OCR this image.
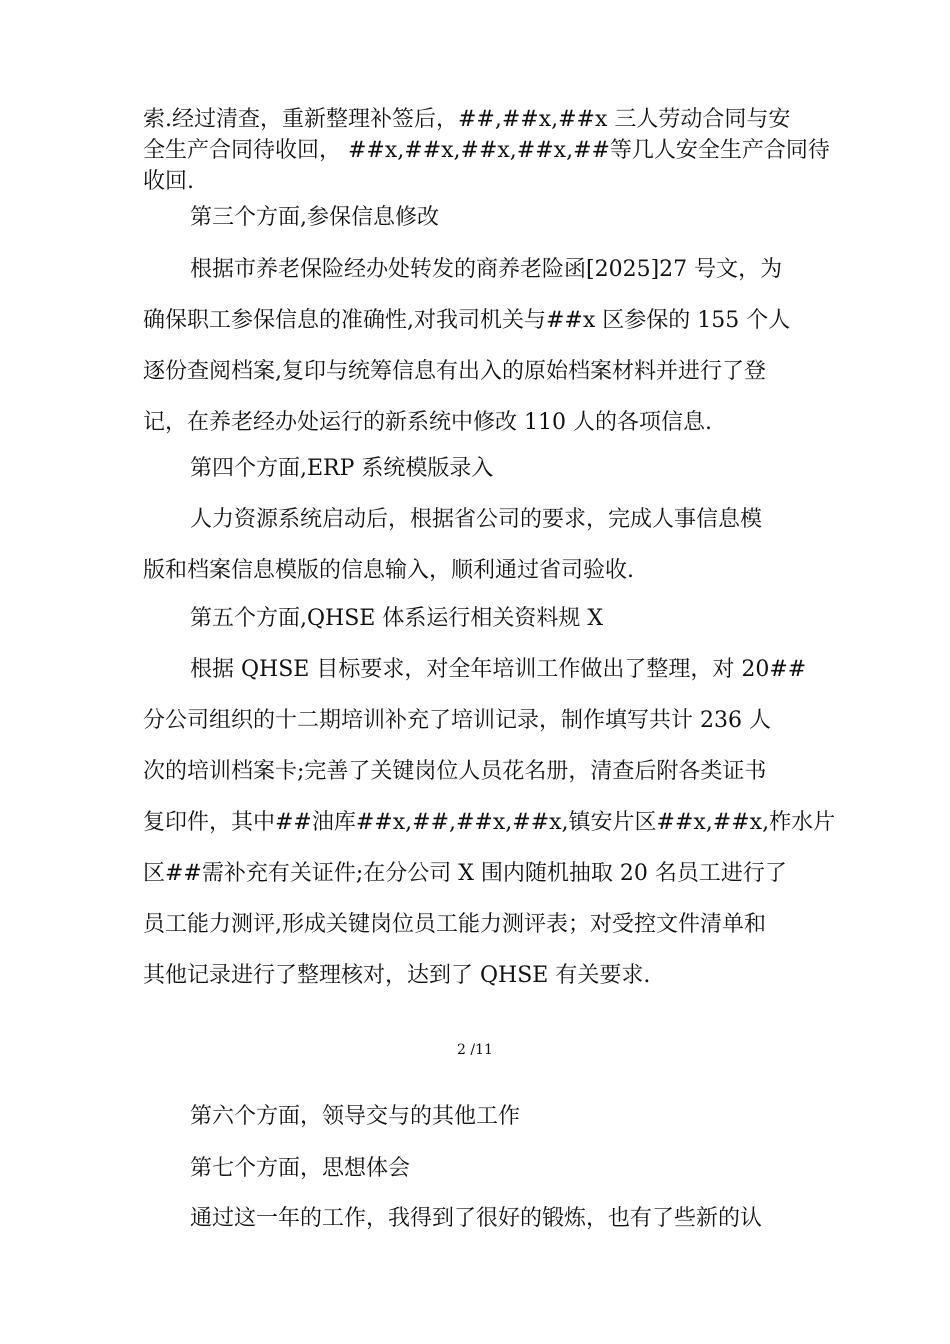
索.经过清查，重新整理补签后，##,##x,##x 三人劳动合同与安
全生产合同待收回， ##x,##x,##x,##x,##等几人安全生产合同待
收回.
第三个方面,参保信息修改
根据市养老保险经办处转发的商养老险函[2025]27 号文，为
确保职工参保信息的准确性,对我司机关与##x 区参保的 155 个人
逐份查阅档案,复印与统筹信息有出入的原始档案材料并进行了登
记，在养老经办处运行的新系统中修改 110 人的各项信息.
第四个方面,ERP 系统模版录入
人力资源系统启动后，根据省公司的要求，完成人事信息模
版和档案信息模版的信息输入，顺利通过省司验收.
第五个方面,QHSE 体系运行相关资料规 X
根据 QHSE 目标要求，对全年培训工作做出了整理，对 20##
分公司组织的十二期培训补充了培训记录，制作填写共计 236 人
次的培训档案卡;完善了关键岗位人员花名册，清查后附各类证书
复印件，其中##油库##x,##,##x,##x,镇安片区##x,##x,柞水片
区##需补充有关证件;在分公司 X 围内随机抽取 20 名员工进行了
员工能力测评,形成关键岗位员工能力测评表；对受控文件清单和
其他记录进行了整理核对，达到了 QHSE 有关要求.
2 /11
第六个方面，领导交与的其他工作
第七个方面，思想体会
通过这一年的工作，我得到了很好的锻炼，也有了些新的认
